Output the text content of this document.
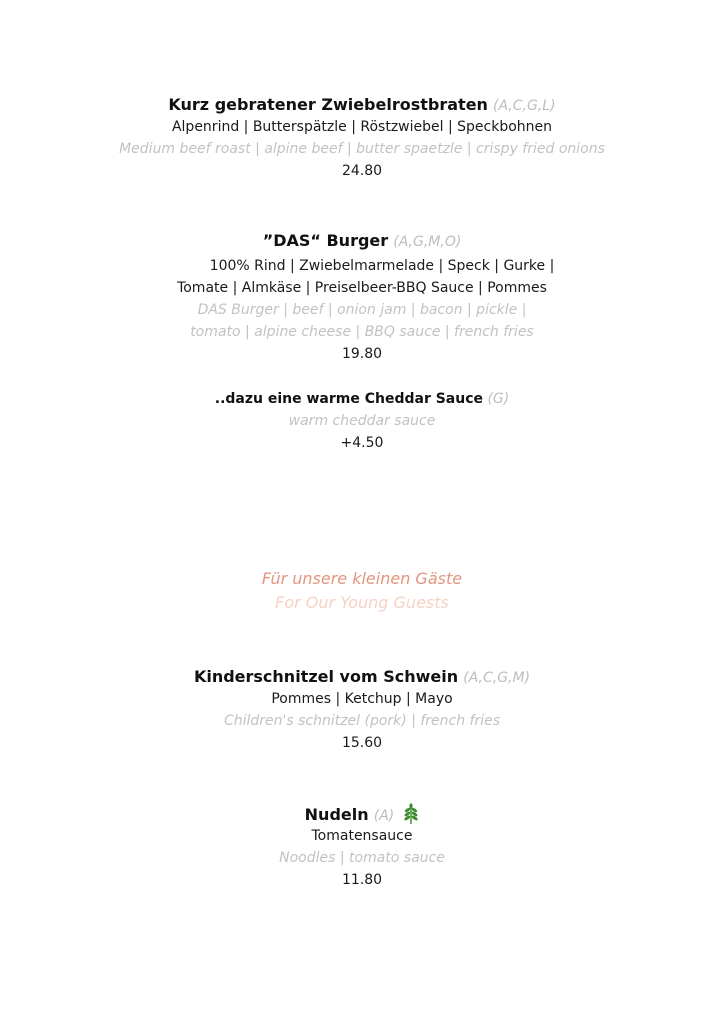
Kurz gebratener Zwiebelrostbraten (A,C,G,L)
Alpenrind | Butterspätzle | Röstzwiebel | Speckbohnen
Medium beef roast | alpine beef | butter spaetzle | crispy fried onions
24.80
”DAS“ Burger (A,G,M,O)
100% Rind | Zwiebelmarmelade | Speck | Gurke |
Tomate | Almkäse | Preiselbeer-BBQ Sauce | Pommes
DAS Burger | beef | onion jam | bacon | pickle |
tomato | alpine cheese | BBQ sauce | french fries
19.80
..dazu eine warme Cheddar Sauce (G)
warm cheddar sauce
+4.50
Für unsere kleinen Gäste
For Our Young Guests
Kinderschnitzel vom Schwein (A,C,G,M)
Pommes | Ketchup | Mayo
Children's schnitzel (pork) | french fries
15.60
Nudeln (A)
Tomatensauce
Noodles | tomato sauce
11.80
